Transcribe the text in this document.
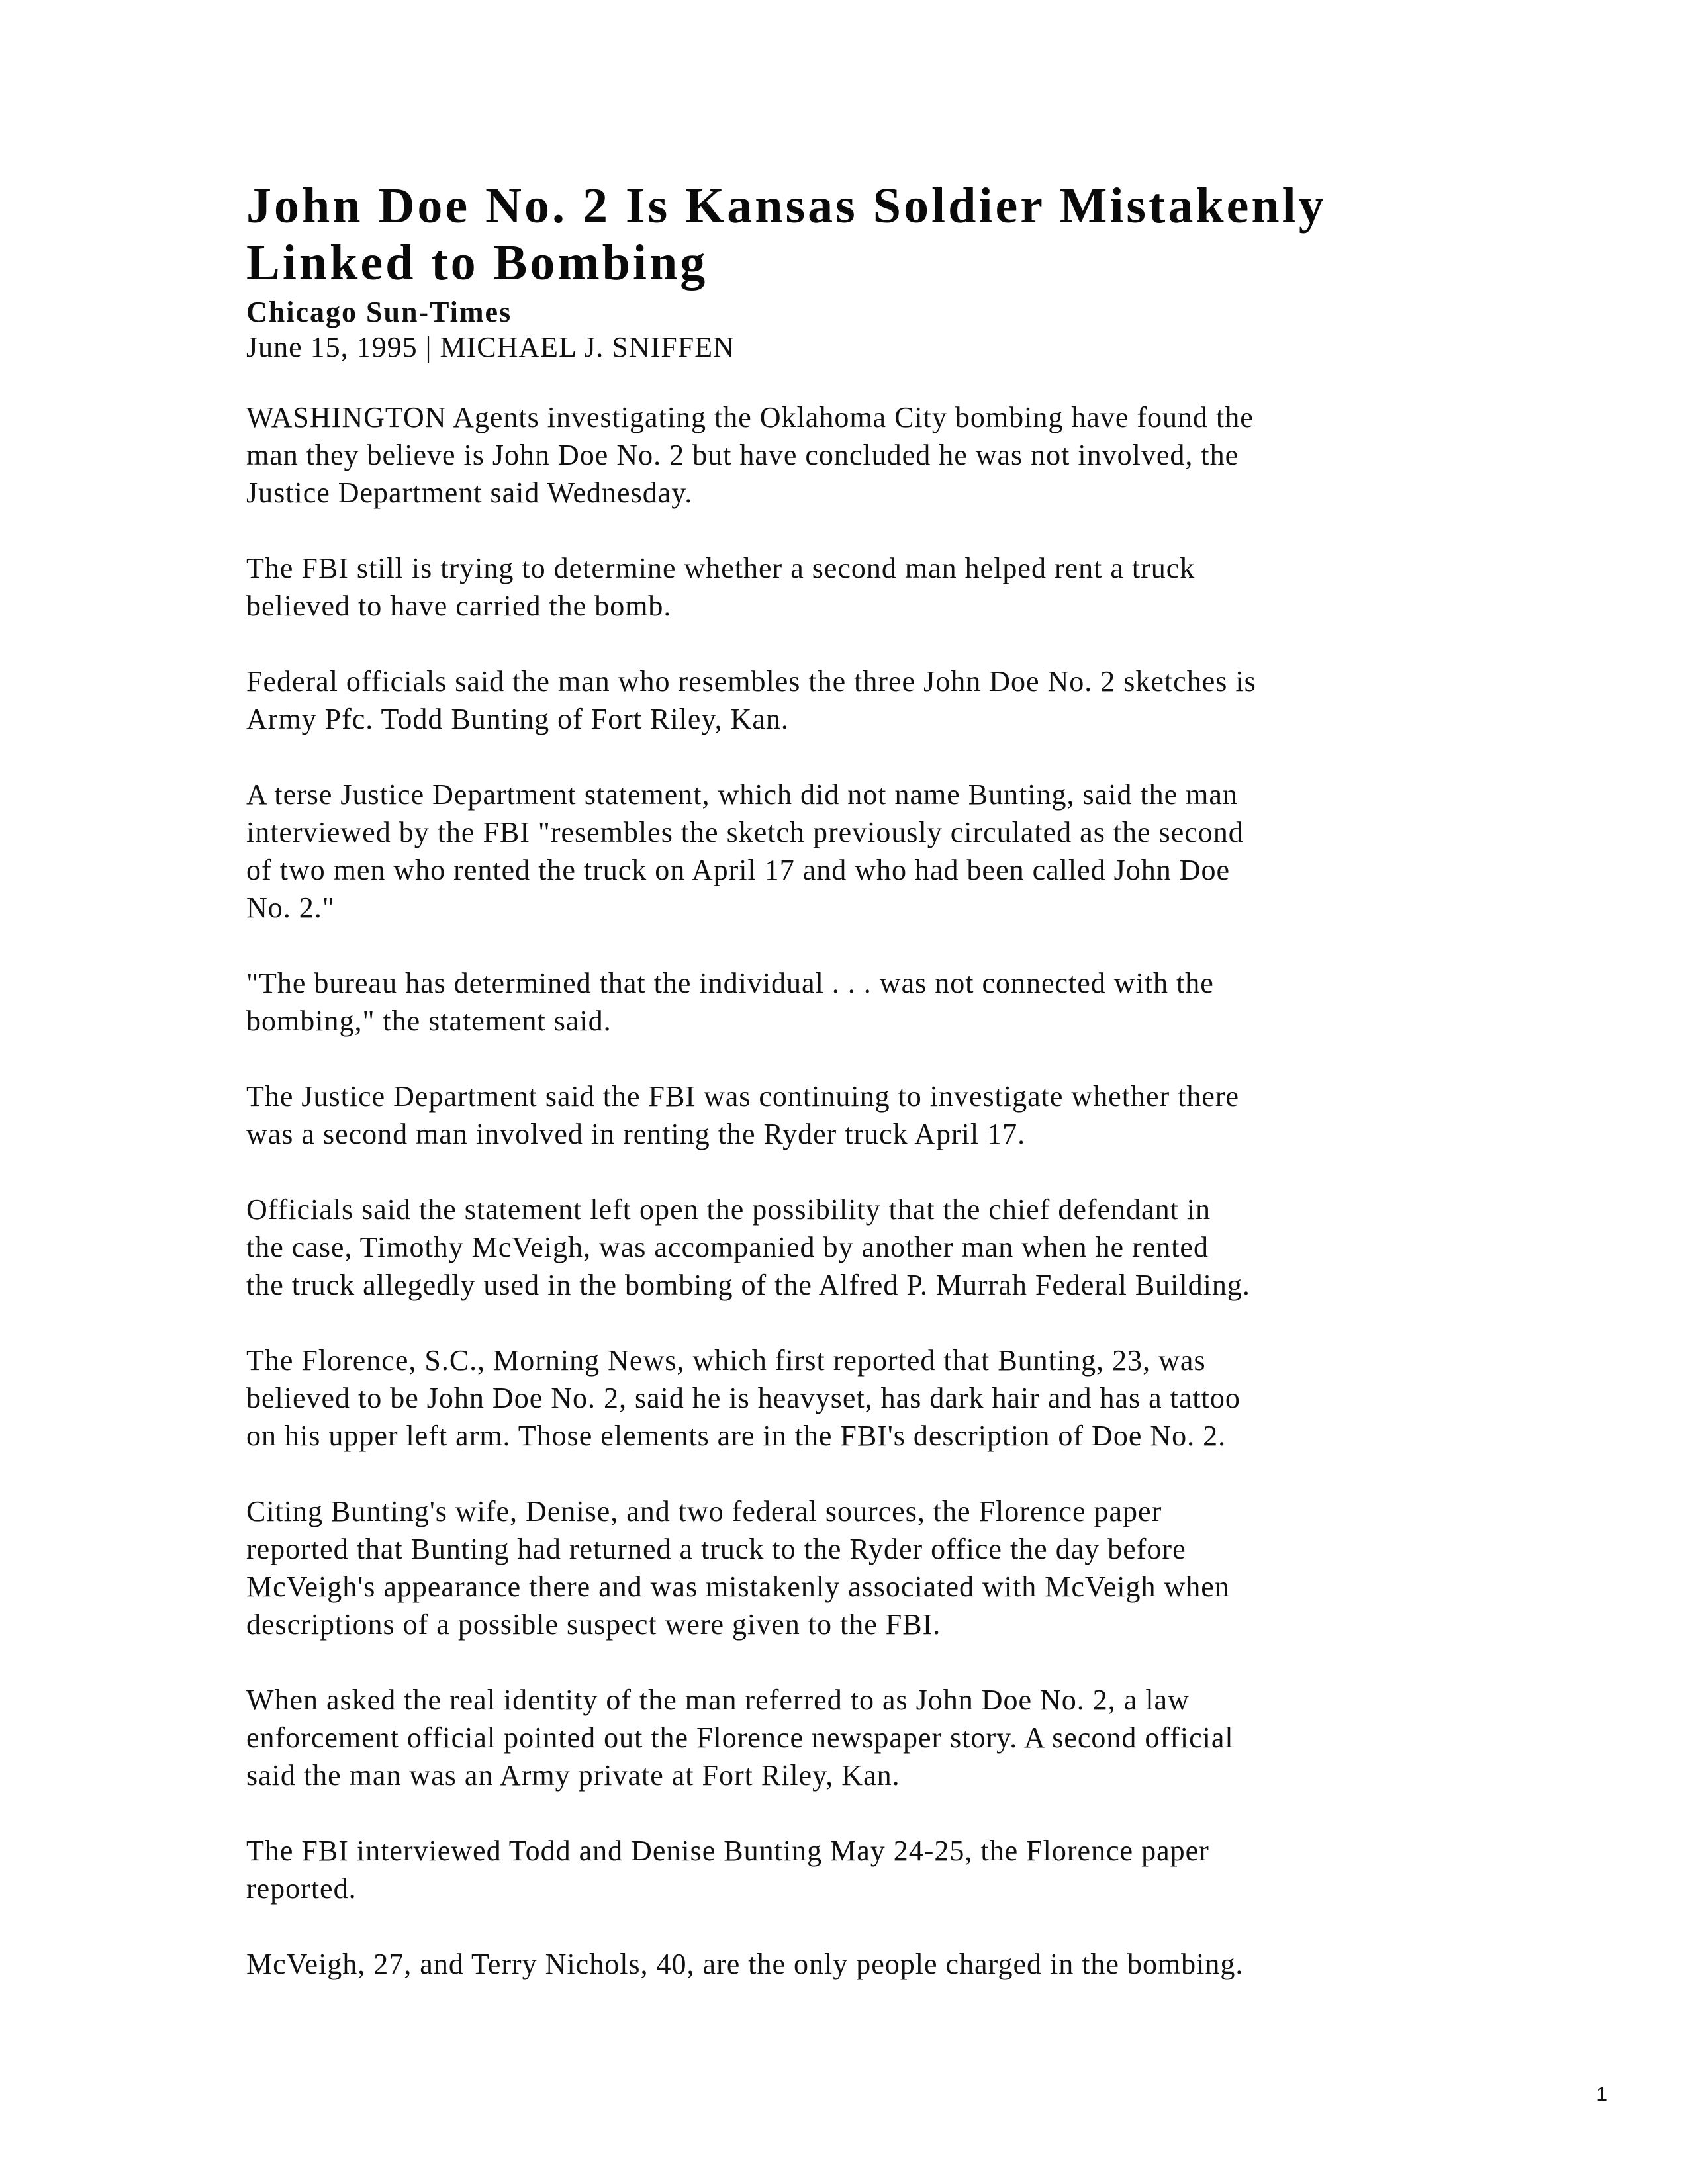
John Doe No. 2 Is Kansas Soldier Mistakenly
Linked to Bombing
Chicago Sun-Times
June 15, 1995 | MICHAEL J. SNIFFEN

WASHINGTON Agents investigating the Oklahoma City bombing have found the
man they believe is John Doe No. 2 but have concluded he was not involved, the
Justice Department said Wednesday.

The FBI still is trying to determine whether a second man helped rent a truck
believed to have carried the bomb.

Federal officials said the man who resembles the three John Doe No. 2 sketches is
Army Pfc. Todd Bunting of Fort Riley, Kan.

A terse Justice Department statement, which did not name Bunting, said the man
interviewed by the FBI "resembles the sketch previously circulated as the second
of two men who rented the truck on April 17 and who had been called John Doe
No. 2."

"The bureau has determined that the individual . . . was not connected with the
bombing," the statement said.

The Justice Department said the FBI was continuing to investigate whether there
was a second man involved in renting the Ryder truck April 17.

Officials said the statement left open the possibility that the chief defendant in
the case, Timothy McVeigh, was accompanied by another man when he rented
the truck allegedly used in the bombing of the Alfred P. Murrah Federal Building.

The Florence, S.C., Morning News, which first reported that Bunting, 23, was
believed to be John Doe No. 2, said he is heavyset, has dark hair and has a tattoo
on his upper left arm. Those elements are in the FBI's description of Doe No. 2.

Citing Bunting's wife, Denise, and two federal sources, the Florence paper
reported that Bunting had returned a truck to the Ryder office the day before
McVeigh's appearance there and was mistakenly associated with McVeigh when
descriptions of a possible suspect were given to the FBI.

When asked the real identity of the man referred to as John Doe No. 2, a law
enforcement official pointed out the Florence newspaper story. A second official
said the man was an Army private at Fort Riley, Kan.

The FBI interviewed Todd and Denise Bunting May 24-25, the Florence paper
reported.

McVeigh, 27, and Terry Nichols, 40, are the only people charged in the bombing.

1
